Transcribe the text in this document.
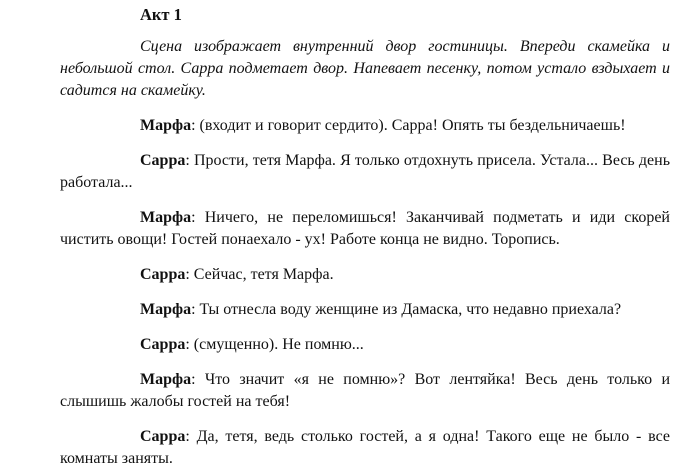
Акт 1

Сцена изображает внутренний двор гостиницы. Впереди скамейка и небольшой стол. Сарра подметает двор. Напевает песенку, потом устало вздыхает и садится на скамейку.

Марфа: (входит и говорит сердито). Сарра! Опять ты бездельничаешь!

Сарра: Прости, тетя Марфа. Я только отдохнуть присела. Устала... Весь день работала...

Марфа: Ничего, не переломишься! Заканчивай подметать и иди скорей чистить овощи! Гостей понаехало - ух! Работе конца не видно. Торопись.

Сарра: Сейчас, тетя Марфа.

Марфа: Ты отнесла воду женщине из Дамаска, что недавно приехала?

Сарра: (смущенно). Не помню...

Марфа: Что значит «я не помню»? Вот лентяйка! Весь день только и слышишь жалобы гостей на тебя!

Сарра: Да, тетя, ведь столько гостей, а я одна! Такого еще не было - все комнаты заняты.
